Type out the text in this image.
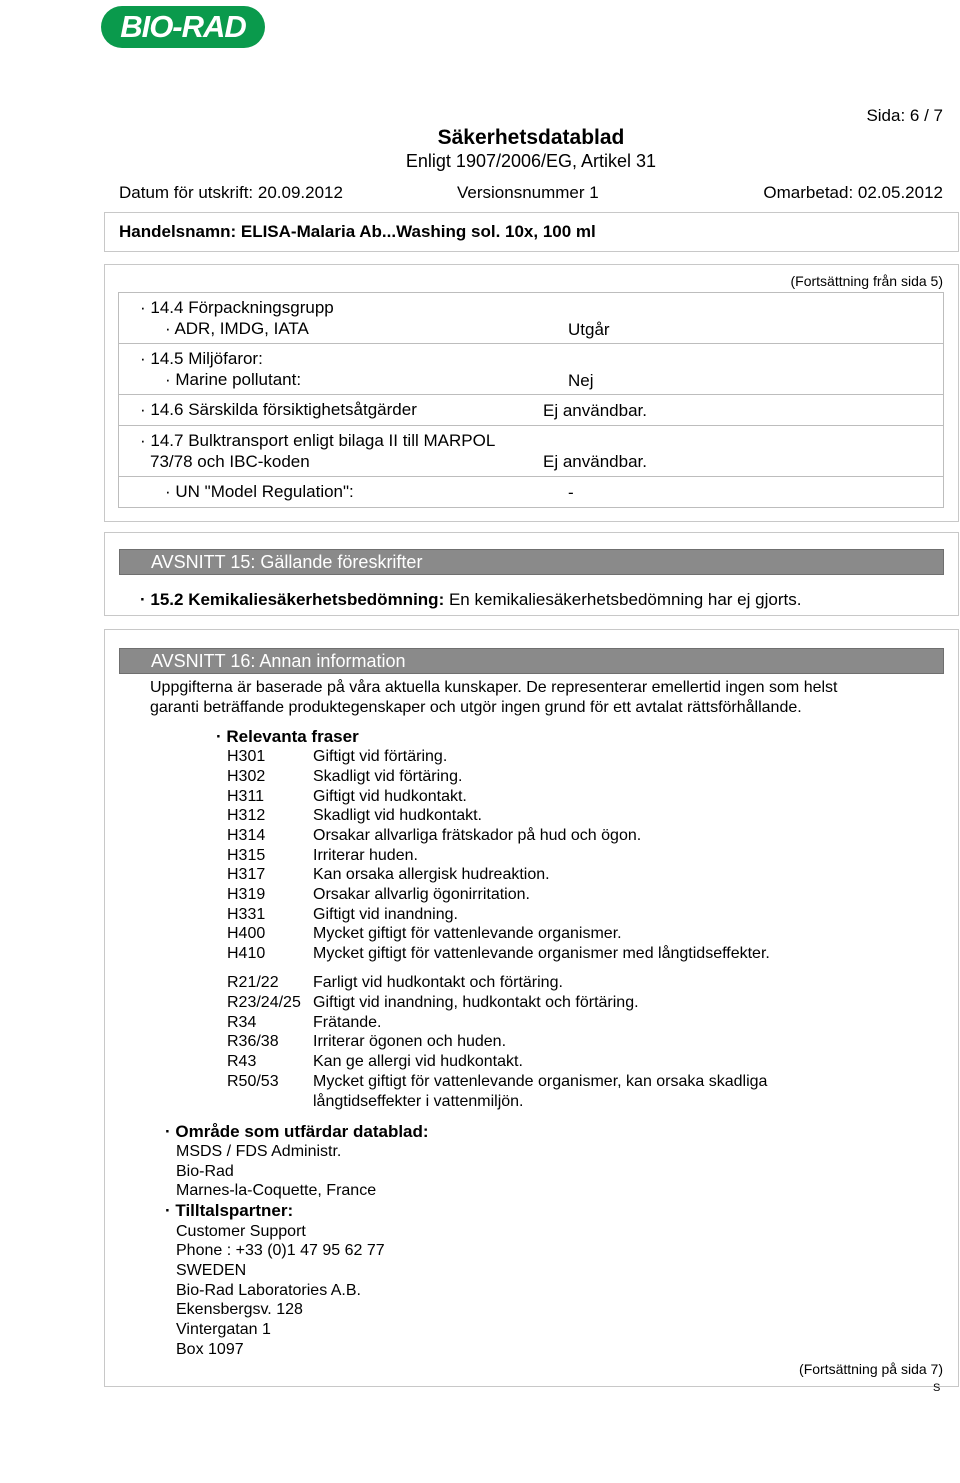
BIO-RAD
Sida: 6 / 7
Säkerhetsdatablad
Enligt 1907/2006/EG, Artikel 31
Datum för utskrift: 20.09.2012	Versionsnummer 1	Omarbetad: 02.05.2012
Handelsnamn: ELISA-Malaria Ab...Washing sol. 10x, 100 ml
(Fortsättning från sida 5)
· 14.4 Förpackningsgrupp
· ADR, IMDG, IATA	Utgår
· 14.5 Miljöfaror:
· Marine pollutant:	Nej
· 14.6 Särskilda försiktighetsåtgärder	Ej användbar.
· 14.7 Bulktransport enligt bilaga II till MARPOL
73/78 och IBC-koden	Ej användbar.
· UN "Model Regulation":	-
AVSNITT 15: Gällande föreskrifter
· 15.2 Kemikaliesäkerhetsbedömning: En kemikaliesäkerhetsbedömning har ej gjorts.
AVSNITT 16: Annan information
Uppgifterna är baserade på våra aktuella kunskaper. De representerar emellertid ingen som helst
garanti beträffande produktegenskaper och utgör ingen grund för ett avtalat rättsförhållande.
· Relevanta fraser
H301	Giftigt vid förtäring.
H302	Skadligt vid förtäring.
H311	Giftigt vid hudkontakt.
H312	Skadligt vid hudkontakt.
H314	Orsakar allvarliga frätskador på hud och ögon.
H315	Irriterar huden.
H317	Kan orsaka allergisk hudreaktion.
H319	Orsakar allvarlig ögonirritation.
H331	Giftigt vid inandning.
H400	Mycket giftigt för vattenlevande organismer.
H410	Mycket giftigt för vattenlevande organismer med långtidseffekter.
R21/22 Farligt vid hudkontakt och förtäring.
R23/24/25 Giftigt vid inandning, hudkontakt och förtäring.
R34	Frätande.
R36/38 Irriterar ögonen och huden.
R43	Kan ge allergi vid hudkontakt.
R50/53 Mycket giftigt för vattenlevande organismer, kan orsaka skadliga
långtidseffekter i vattenmiljön.
· Område som utfärdar datablad:
MSDS / FDS Administr.
Bio-Rad
Marnes-la-Coquette, France
· Tilltalspartner:
Customer Support
Phone : +33 (0)1 47 95 62 77
SWEDEN
Bio-Rad Laboratories A.B.
Ekensbergsv. 128
Vintergatan 1
Box 1097
(Fortsättning på sida 7)
S
